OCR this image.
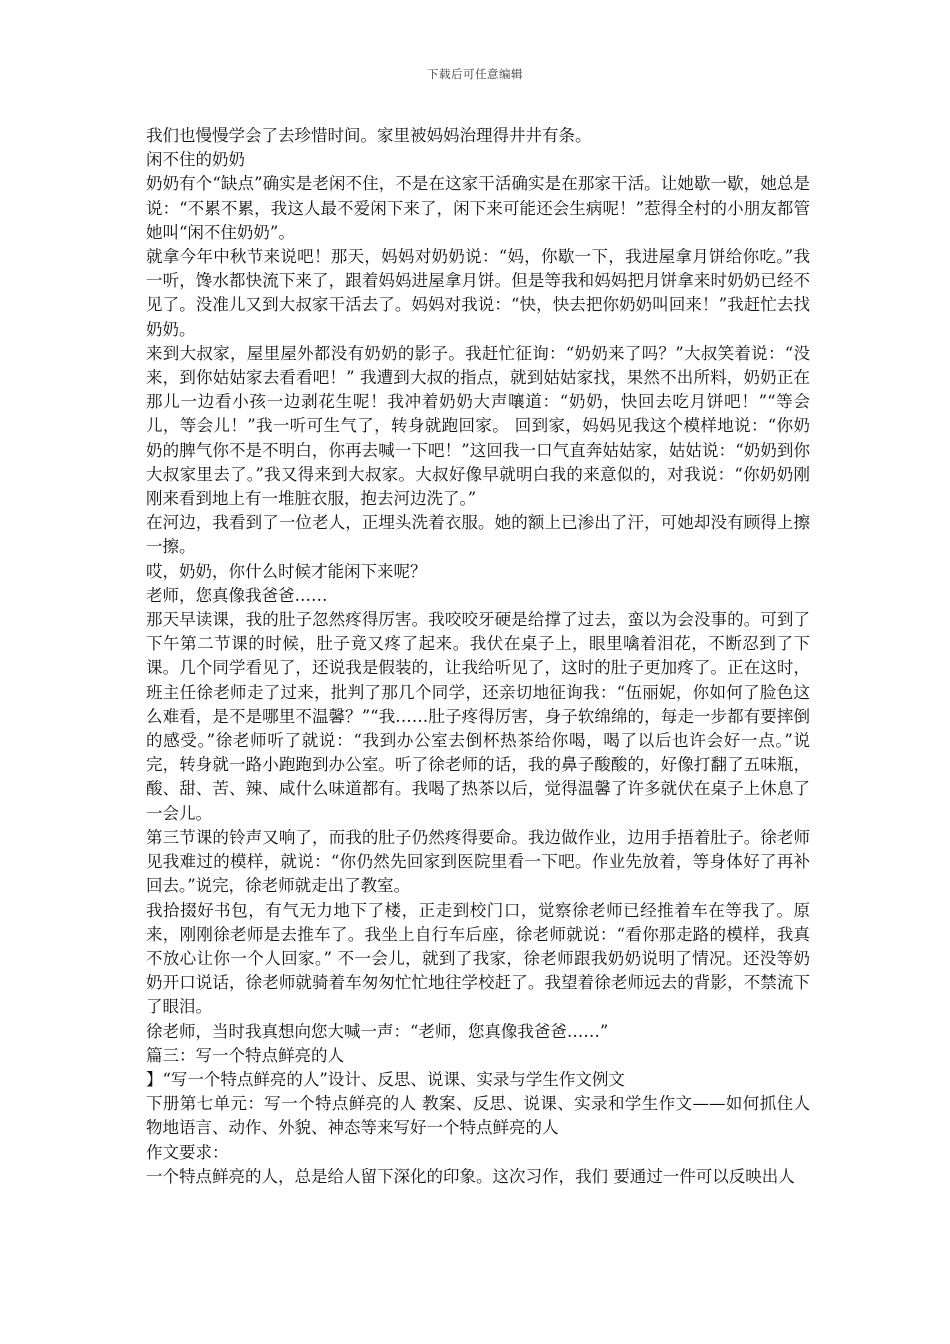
下载后可任意编辑

我们也慢慢学会了去珍惜时间。家里被妈妈治理得井井有条。

闲不住的奶奶

奶奶有个“缺点”确实是老闲不住，不是在这家干活确实是在那家干活。让她歇一歇，她总是说：“不累不累，我这人最不爱闲下来了，闲下来可能还会生病呢！”惹得全村的小朋友都管她叫“闲不住奶奶”。

就拿今年中秋节来说吧！那天，妈妈对奶奶说：“妈，你歇一下，我进屋拿月饼给你吃。”我一听，馋水都快流下来了，跟着妈妈进屋拿月饼。但是等我和妈妈把月饼拿来时奶奶已经不见了。没准儿又到大叔家干活去了。妈妈对我说：“快，快去把你奶奶叫回来！”我赶忙去找奶奶。

来到大叔家，屋里屋外都没有奶奶的影子。我赶忙征询：“奶奶来了吗？”大叔笑着说：“没来，到你姑姑家去看看吧！” 我遭到大叔的指点，就到姑姑家找，果然不出所料，奶奶正在那儿一边看小孩一边剥花生呢！我冲着奶奶大声嚷道：“奶奶，快回去吃月饼吧！”“等会儿，等会儿！”我一听可生气了，转身就跑回家。 回到家，妈妈见我这个模样地说：“你奶奶的脾气你不是不明白，你再去喊一下吧！”这回我一口气直奔姑姑家，姑姑说：“奶奶到你大叔家里去了。”我又得来到大叔家。大叔好像早就明白我的来意似的，对我说：“你奶奶刚刚来看到地上有一堆脏衣服，抱去河边洗了。”

在河边，我看到了一位老人，正埋头洗着衣服。她的额上已渗出了汗，可她却没有顾得上擦一擦。

哎，奶奶，你什么时候才能闲下来呢？

老师，您真像我爸爸……

那天早读课，我的肚子忽然疼得厉害。我咬咬牙硬是给撑了过去，蛮以为会没事的。可到了下午第二节课的时候，肚子竟又疼了起来。我伏在桌子上，眼里噙着泪花，不断忍到了下课。几个同学看见了，还说我是假装的，让我给听见了，这时的肚子更加疼了。正在这时，班主任徐老师走了过来，批判了那几个同学，还亲切地征询我：“伍丽妮，你如何了脸色这么难看，是不是哪里不温馨？”“我……肚子疼得厉害，身子软绵绵的，每走一步都有要摔倒的感受。”徐老师听了就说：“我到办公室去倒杯热茶给你喝，喝了以后也许会好一点。”说完，转身就一路小跑跑到办公室。听了徐老师的话，我的鼻子酸酸的，好像打翻了五味瓶，酸、甜、苦、辣、咸什么味道都有。我喝了热茶以后，觉得温馨了许多就伏在桌子上休息了一会儿。

第三节课的铃声又响了，而我的肚子仍然疼得要命。我边做作业，边用手捂着肚子。徐老师见我难过的模样，就说：“你仍然先回家到医院里看一下吧。作业先放着，等身体好了再补回去。”说完，徐老师就走出了教室。

我拾掇好书包，有气无力地下了楼，正走到校门口，觉察徐老师已经推着车在等我了。原来，刚刚徐老师是去推车了。我坐上自行车后座，徐老师就说：“看你那走路的模样，我真不放心让你一个人回家。” 不一会儿，就到了我家，徐老师跟我奶奶说明了情况。还没等奶奶开口说话，徐老师就骑着车匆匆忙忙地往学校赶了。我望着徐老师远去的背影，不禁流下了眼泪。

徐老师，当时我真想向您大喊一声：“老师，您真像我爸爸……”

篇三：写一个特点鲜亮的人

】“写一个特点鲜亮的人”设计、反思、说课、实录与学生作文例文

下册第七单元：写一个特点鲜亮的人 教案、反思、说课、实录和学生作文——如何抓住人物地语言、动作、外貌、神态等来写好一个特点鲜亮的人

作文要求：

一个特点鲜亮的人，总是给人留下深化的印象。这次习作，我们 要通过一件可以反映出人
